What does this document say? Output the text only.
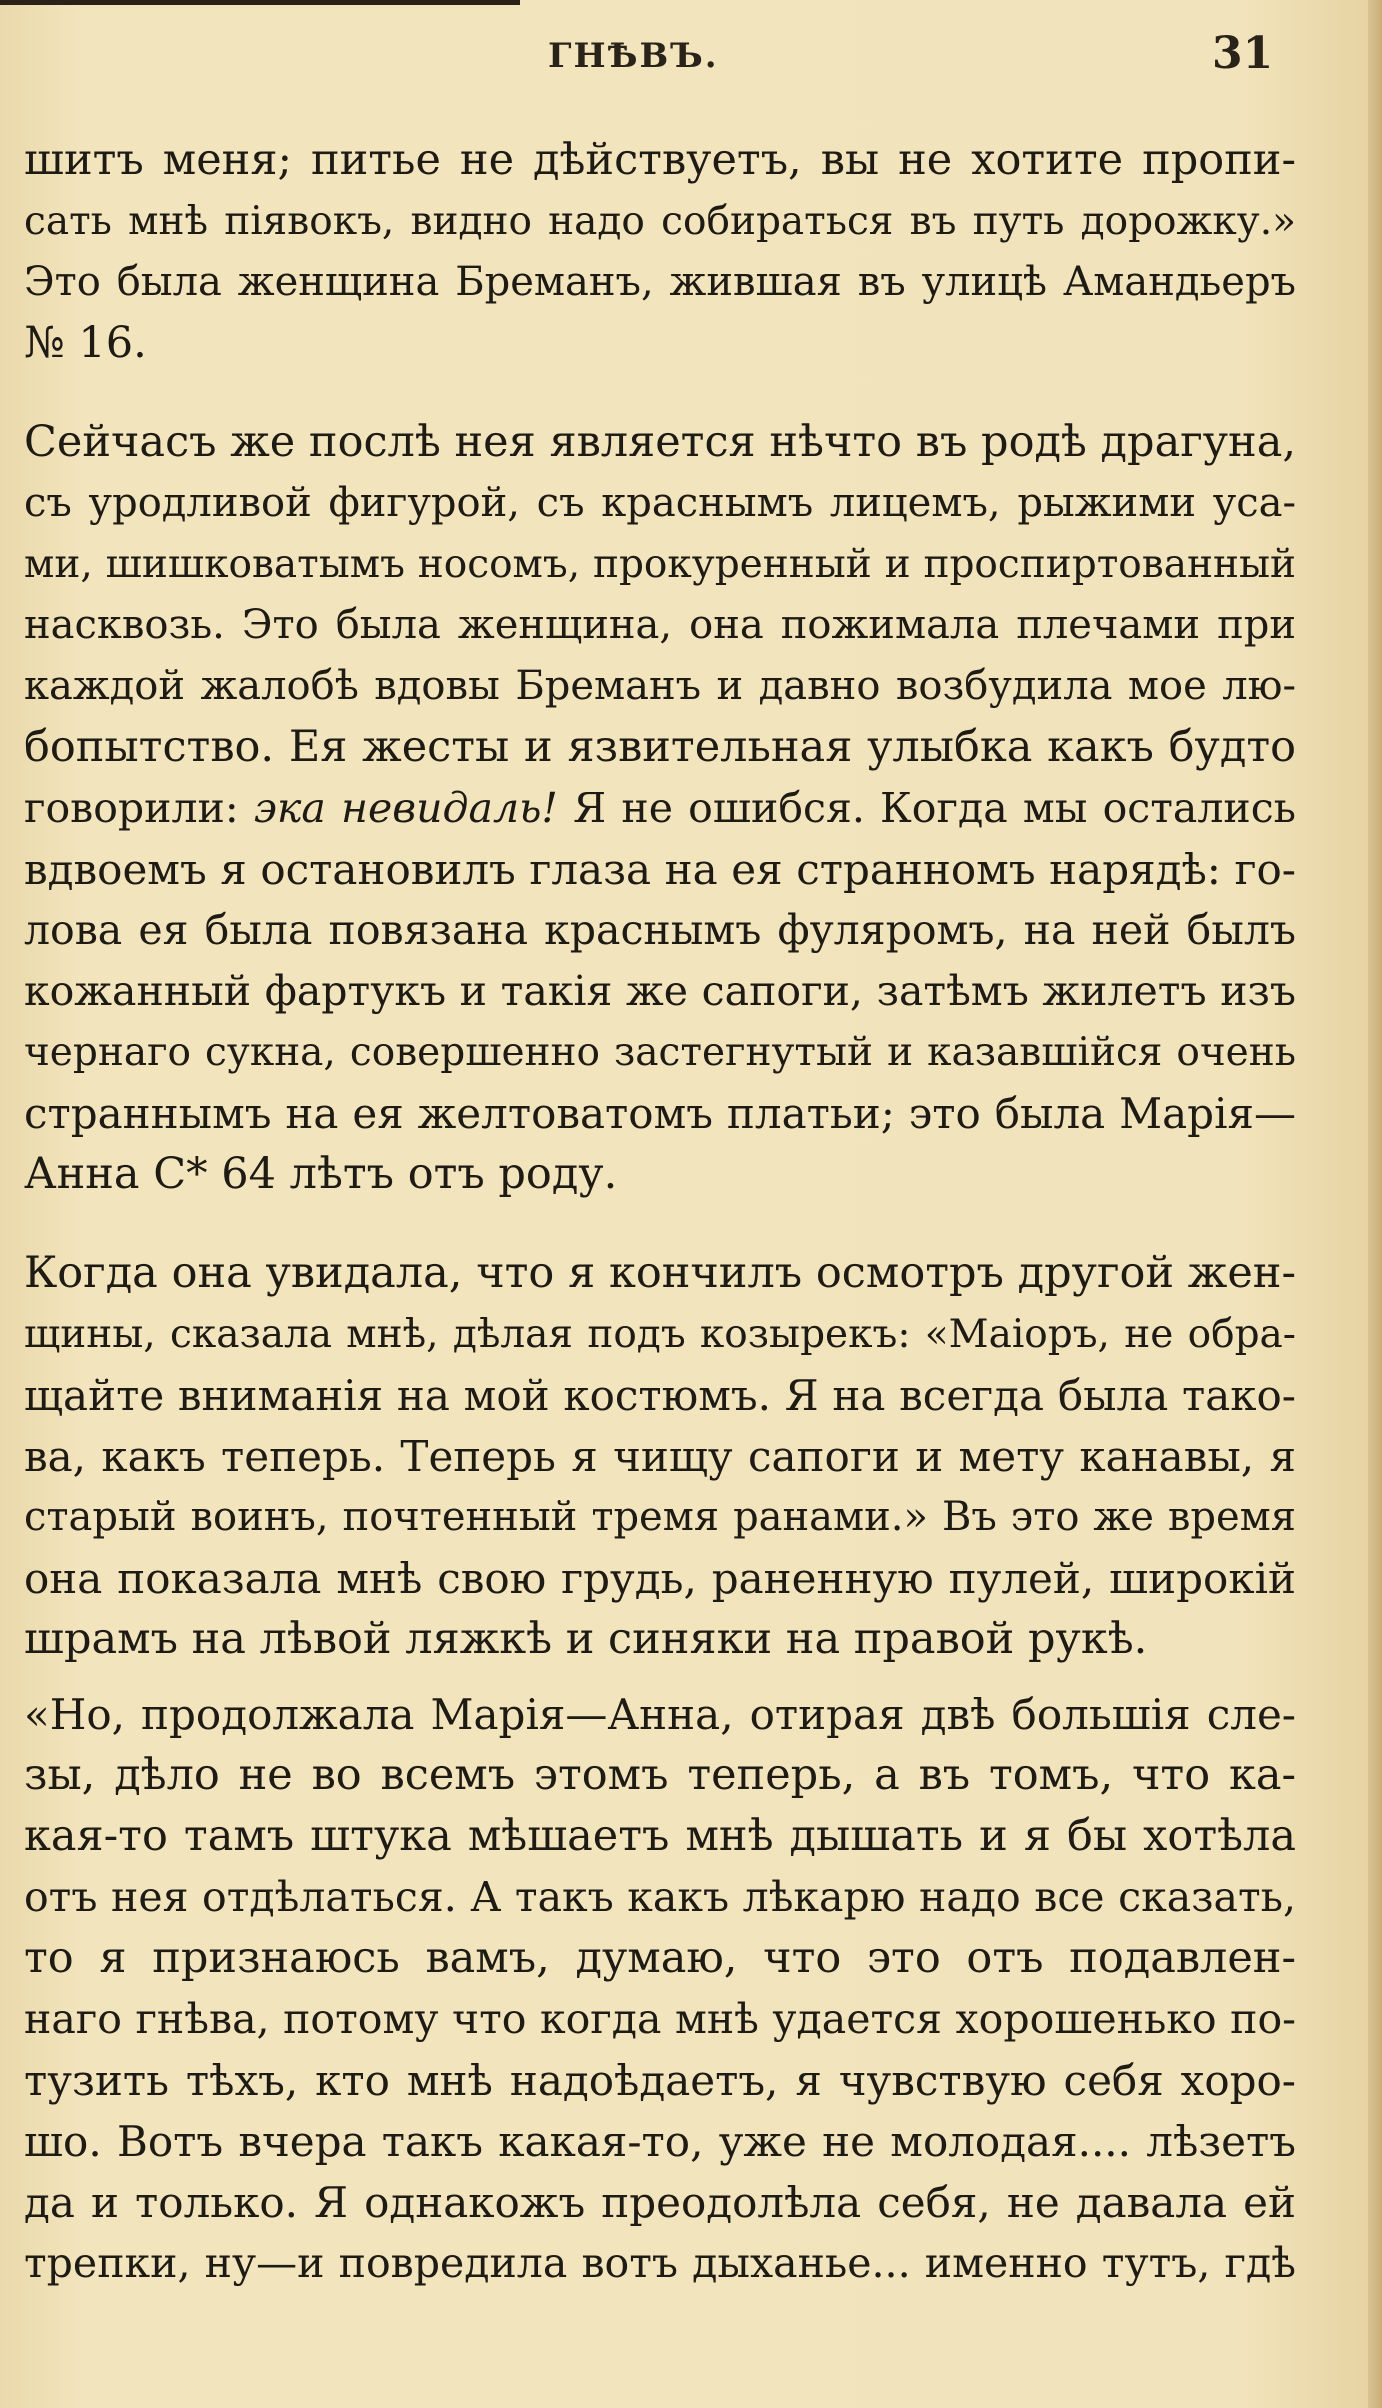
ГНѢВЪ.	31
шитъ меня; питье не дѣйствуетъ, вы не хотите пропи-
сать мнѣ піявокъ, видно надо собираться въ путь дорожку.»
Это была женщина Бреманъ, жившая въ улицѣ Амандьеръ
№ 16.
Сейчасъ же послѣ нея является нѣчто въ родѣ драгуна,
съ уродливой фигурой, съ краснымъ лицемъ, рыжими уса-
ми, шишковатымъ носомъ, прокуренный и проспиртованный
насквозь. Это была женщина, она пожимала плечами при
каждой жалобѣ вдовы Бреманъ и давно возбудила мое лю-
бопытство. Ея жесты и язвительная улыбка какъ будто
говорили: эка невидаль! Я не ошибся. Когда мы остались
вдвоемъ я остановилъ глаза на ея странномъ нарядѣ: го-
лова ея была повязана краснымъ фуляромъ, на ней былъ
кожанный фартукъ и такія же сапоги, затѣмъ жилетъ изъ
чернаго сукна, совершенно застегнутый и казавшійся очень
страннымъ на ея желтоватомъ платьи; это была Марія—
Анна С* 64 лѣтъ отъ роду.
Когда она увидала, что я кончилъ осмотръ другой жен-
щины, сказала мнѣ, дѣлая подъ козырекъ: «Маіоръ, не обра-
щайте вниманія на мой костюмъ. Я на всегда была тако-
ва, какъ теперь. Теперь я чищу сапоги и мету канавы, я
старый воинъ, почтенный тремя ранами.» Въ это же время
она показала мнѣ свою грудь, раненную пулей, широкій
шрамъ на лѣвой ляжкѣ и синяки на правой рукѣ.
«Но, продолжала Марія—Анна, отирая двѣ большія сле-
зы, дѣло не во всемъ этомъ теперь, а въ томъ, что ка-
кая-то тамъ штука мѣшаетъ мнѣ дышать и я бы хотѣла
отъ нея отдѣлаться. А такъ какъ лѣкарю надо все сказать,
то я признаюсь вамъ, думаю, что это отъ подавлен-
наго гнѣва, потому что когда мнѣ удается хорошенько по-
тузить тѣхъ, кто мнѣ надоѣдаетъ, я чувствую себя хоро-
шо. Вотъ вчера такъ какая-то, уже не молодая.... лѣзетъ
да и только. Я однакожъ преодолѣла себя, не давала ей
трепки, ну—и повредила вотъ дыханье... именно тутъ, гдѣ
